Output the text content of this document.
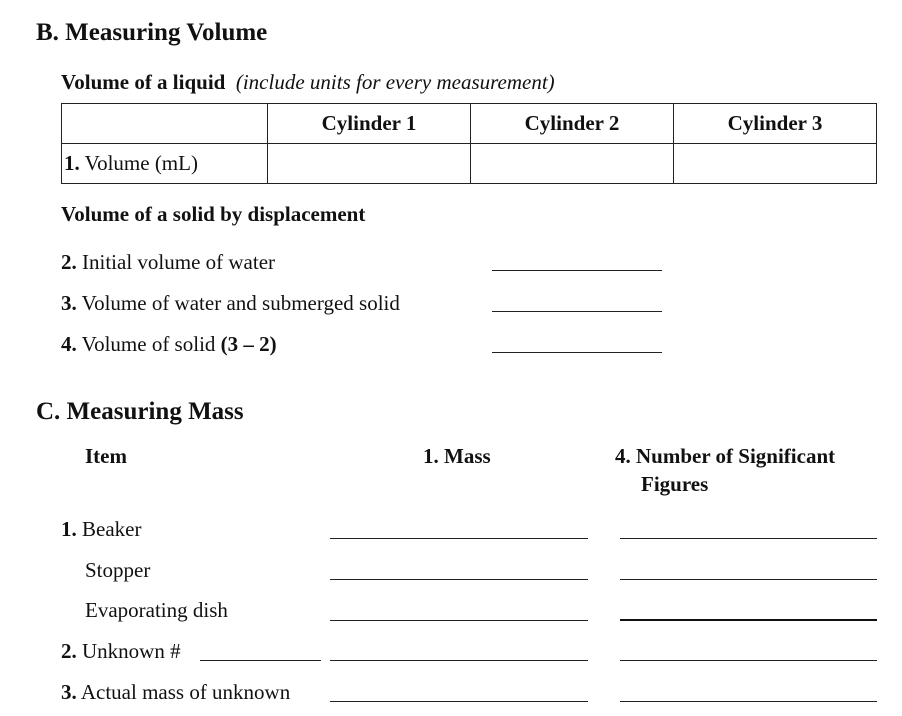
B. Measuring Volume
Volume of a liquid (include units for every measurement)
	Cylinder 1	Cylinder 2	Cylinder 3
1. Volume (mL)			
Volume of a solid by displacement
2. Initial volume of water
3. Volume of water and submerged solid
4. Volume of solid (3 – 2)
C. Measuring Mass
Item	1. Mass	4. Number of Significant
Figures
1. Beaker
Stopper
Evaporating dish
2. Unknown #
3. Actual mass of unknown
